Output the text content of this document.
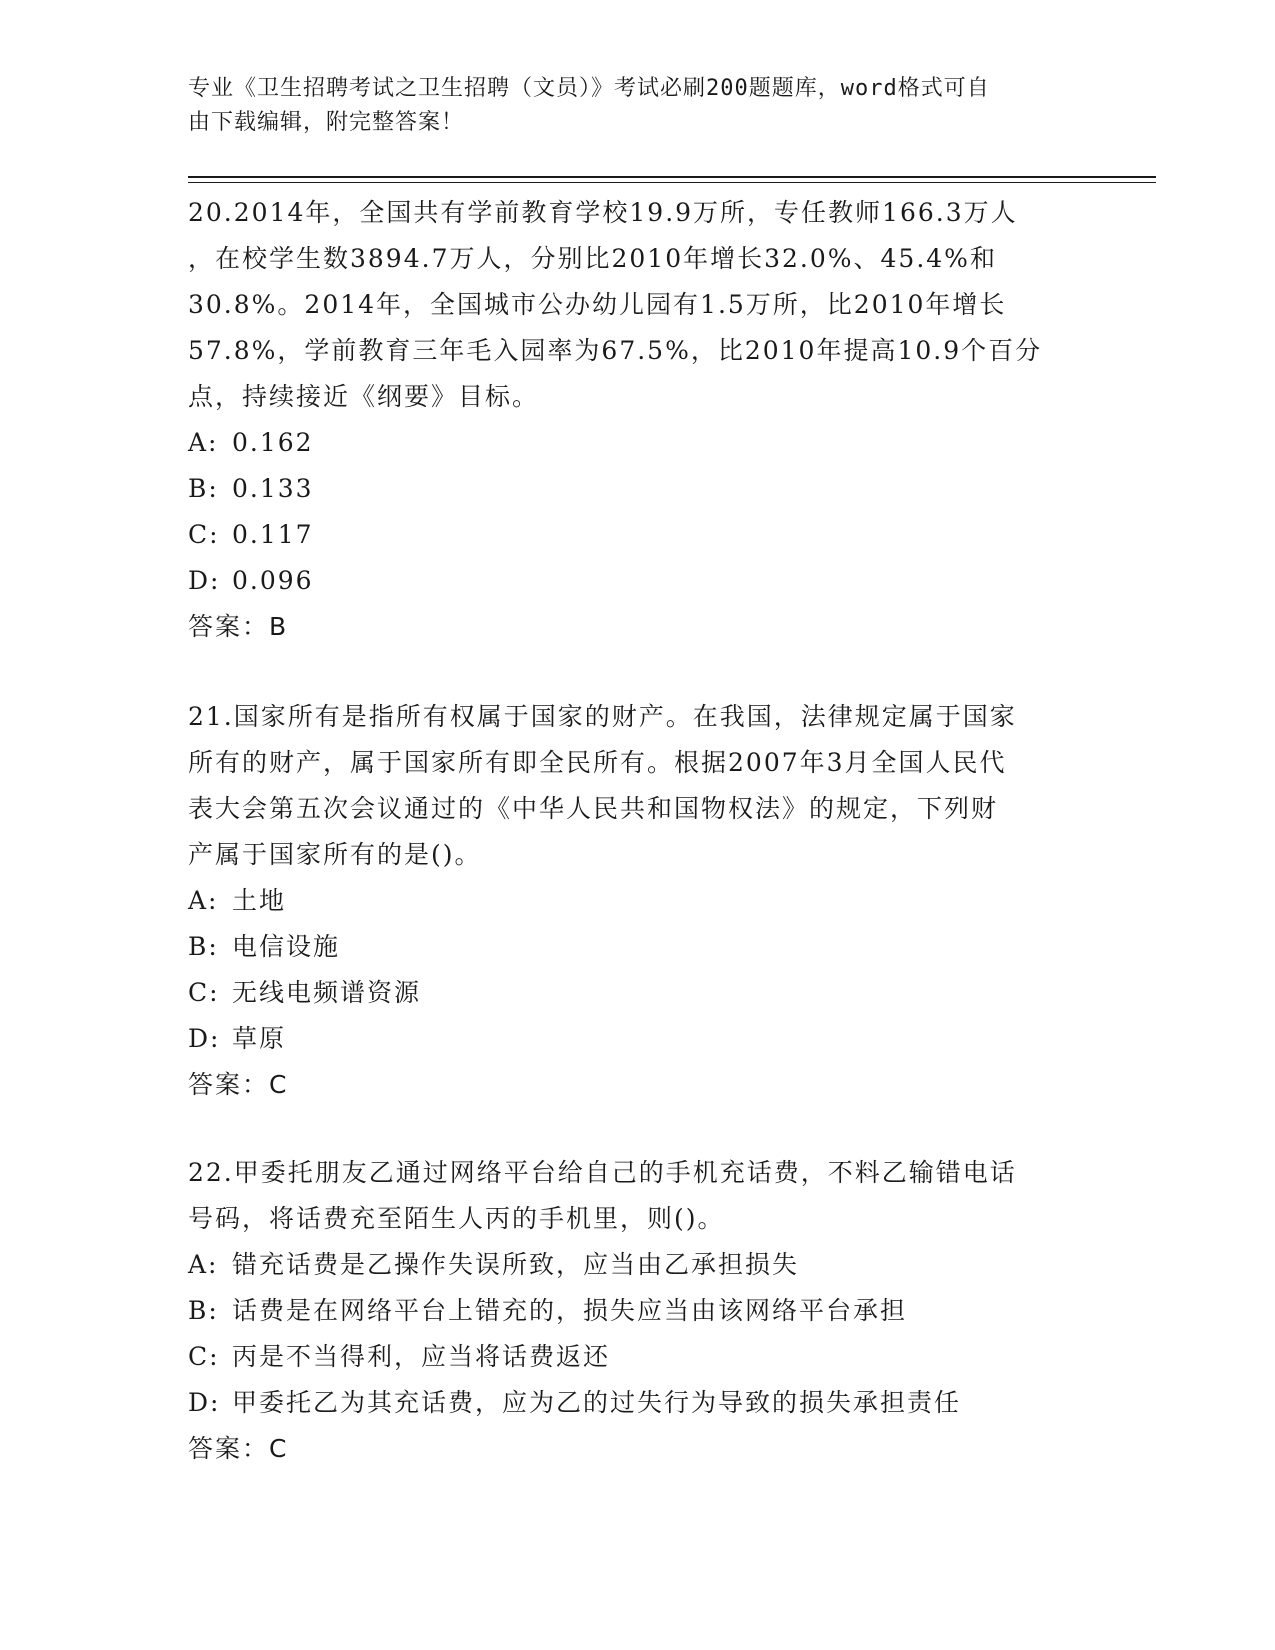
专业《卫生招聘考试之卫生招聘（文员）》考试必刷200题题库，word格式可自
由下载编辑，附完整答案！
20.2014年，全国共有学前教育学校19.9万所，专任教师166.3万人
，在校学生数3894.7万人，分别比2010年增长32.0%、45.4%和
30.8%。2014年，全国城市公办幼儿园有1.5万所，比2010年增长
57.8%，学前教育三年毛入园率为67.5%，比2010年提高10.9个百分
点，持续接近《纲要》目标。
A: 0.162
B: 0.133
C: 0.117
D: 0.096
答案：B
21.国家所有是指所有权属于国家的财产。在我国，法律规定属于国家
所有的财产，属于国家所有即全民所有。根据2007年3月全国人民代
表大会第五次会议通过的《中华人民共和国物权法》的规定，下列财
产属于国家所有的是()。
A: 土地
B: 电信设施
C: 无线电频谱资源
D: 草原
答案：C
22.甲委托朋友乙通过网络平台给自己的手机充话费，不料乙输错电话
号码，将话费充至陌生人丙的手机里，则()。
A: 错充话费是乙操作失误所致，应当由乙承担损失
B: 话费是在网络平台上错充的，损失应当由该网络平台承担
C: 丙是不当得利，应当将话费返还
D: 甲委托乙为其充话费，应为乙的过失行为导致的损失承担责任
答案：C
